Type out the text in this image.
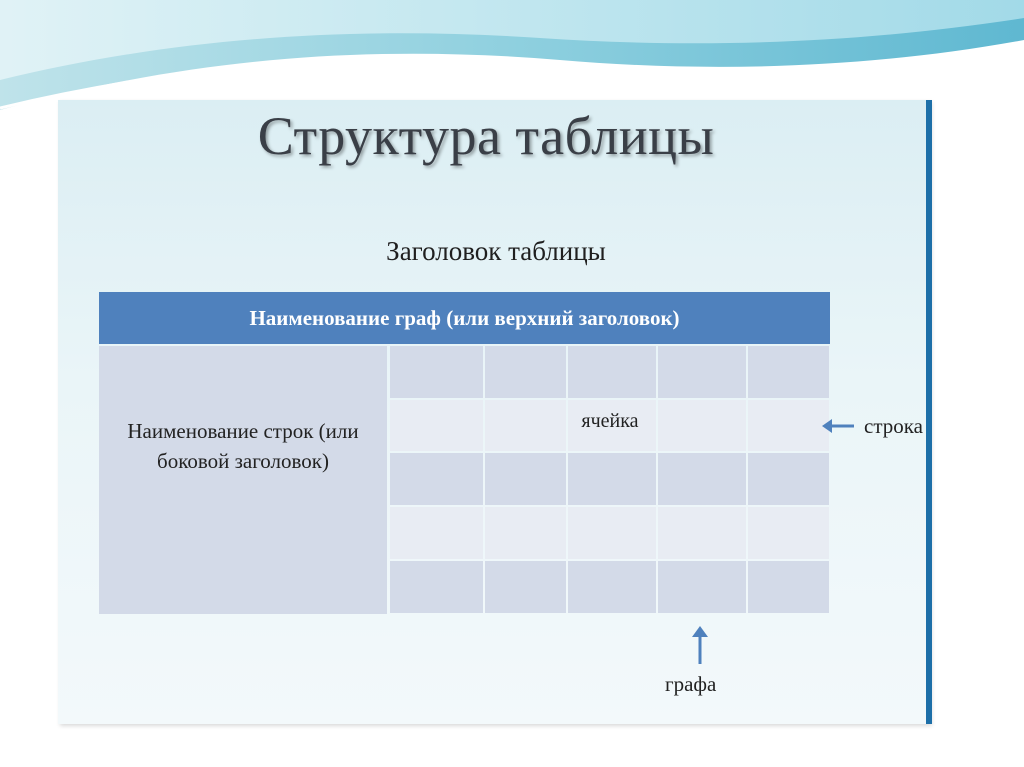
Структура таблицы
Заголовок таблицы
Наименование граф (или верхний заголовок)
Наименование строк (или боковой заголовок)
ячейка	строка
графа
